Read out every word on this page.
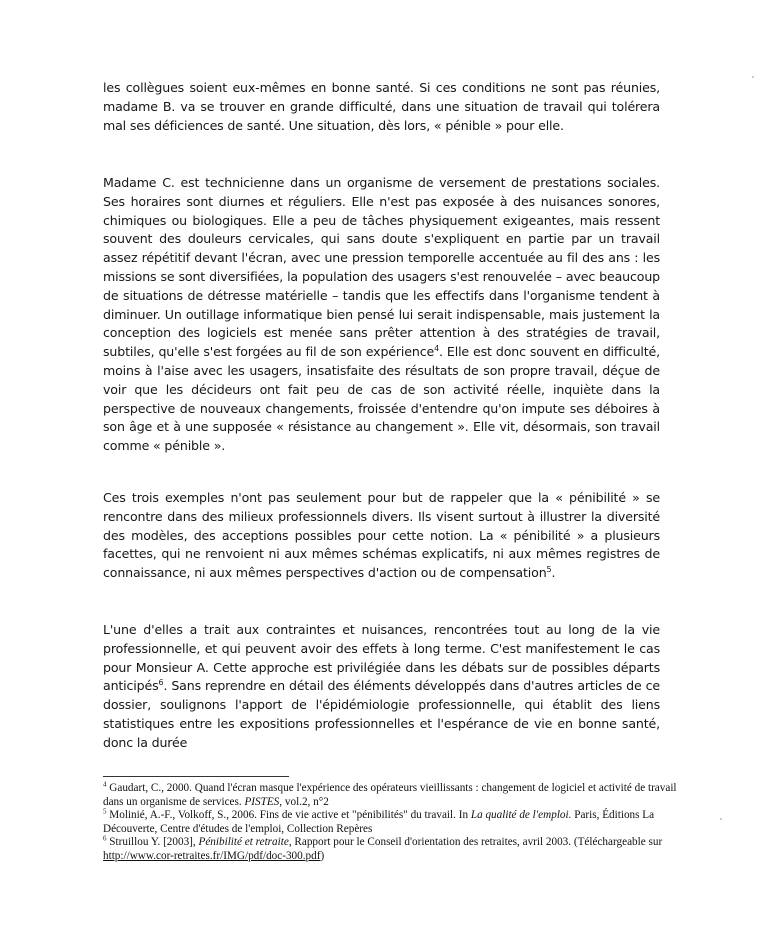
les collègues soient eux-mêmes en bonne santé. Si ces conditions ne sont pas réunies, madame B. va se trouver en grande difficulté, dans une situation de travail qui tolérera mal ses déficiences de santé. Une situation, dès lors, « pénible » pour elle.

Madame C. est technicienne dans un organisme de versement de prestations sociales. Ses horaires sont diurnes et réguliers. Elle n'est pas exposée à des nuisances sonores, chimiques ou biologiques. Elle a peu de tâches physiquement exigeantes, mais ressent souvent des douleurs cervicales, qui sans doute s'expliquent en partie par un travail assez répétitif devant l'écran, avec une pression temporelle accentuée au fil des ans : les missions se sont diversifiées, la population des usagers s'est renouvelée – avec beaucoup de situations de détresse matérielle – tandis que les effectifs dans l'organisme tendent à diminuer. Un outillage informatique bien pensé lui serait indispensable, mais justement la conception des logiciels est menée sans prêter attention à des stratégies de travail, subtiles, qu'elle s'est forgées au fil de son expérience$^4$. Elle est donc souvent en difficulté, moins à l'aise avec les usagers, insatisfaite des résultats de son propre travail, déçue de voir que les décideurs ont fait peu de cas de son activité réelle, inquiète dans la perspective de nouveaux changements, froissée d'entendre qu'on impute ses déboires à son âge et à une supposée « résistance au changement ». Elle vit, désormais, son travail comme « pénible ».

Ces trois exemples n'ont pas seulement pour but de rappeler que la « pénibilité » se rencontre dans des milieux professionnels divers. Ils visent surtout à illustrer la diversité des modèles, des acceptions possibles pour cette notion. La « pénibilité » a plusieurs facettes, qui ne renvoient ni aux mêmes schémas explicatifs, ni aux mêmes registres de connaissance, ni aux mêmes perspectives d'action ou de compensation$^5$.

L'une d'elles a trait aux contraintes et nuisances, rencontrées tout au long de la vie professionnelle, et qui peuvent avoir des effets à long terme. C'est manifestement le cas pour Monsieur A. Cette approche est privilégiée dans les débats sur de possibles départs anticipés$^6$. Sans reprendre en détail des éléments développés dans d'autres articles de ce dossier, soulignons l'apport de l'épidémiologie professionnelle, qui établit des liens statistiques entre les expositions professionnelles et l'espérance de vie en bonne santé, donc la durée

$^4$ Gaudart, C., 2000. Quand l'écran masque l'expérience des opérateurs vieillissants : changement de logiciel et activité de travail dans un organisme de services. PISTES, vol.2, n°2

$^5$ Molinié, A.-F., Volkoff, S., 2006. Fins de vie active et "pénibilités" du travail. In La qualité de l'emploi. Paris, Éditions La Découverte, Centre d'études de l'emploi, Collection Repères

$^6$ Struillou Y. [2003], Pénibilité et retraite, Rapport pour le Conseil d'orientation des retraites, avril 2003. (Téléchargeable sur http://www.cor-retraites.fr/IMG/pdf/doc-300.pdf)
